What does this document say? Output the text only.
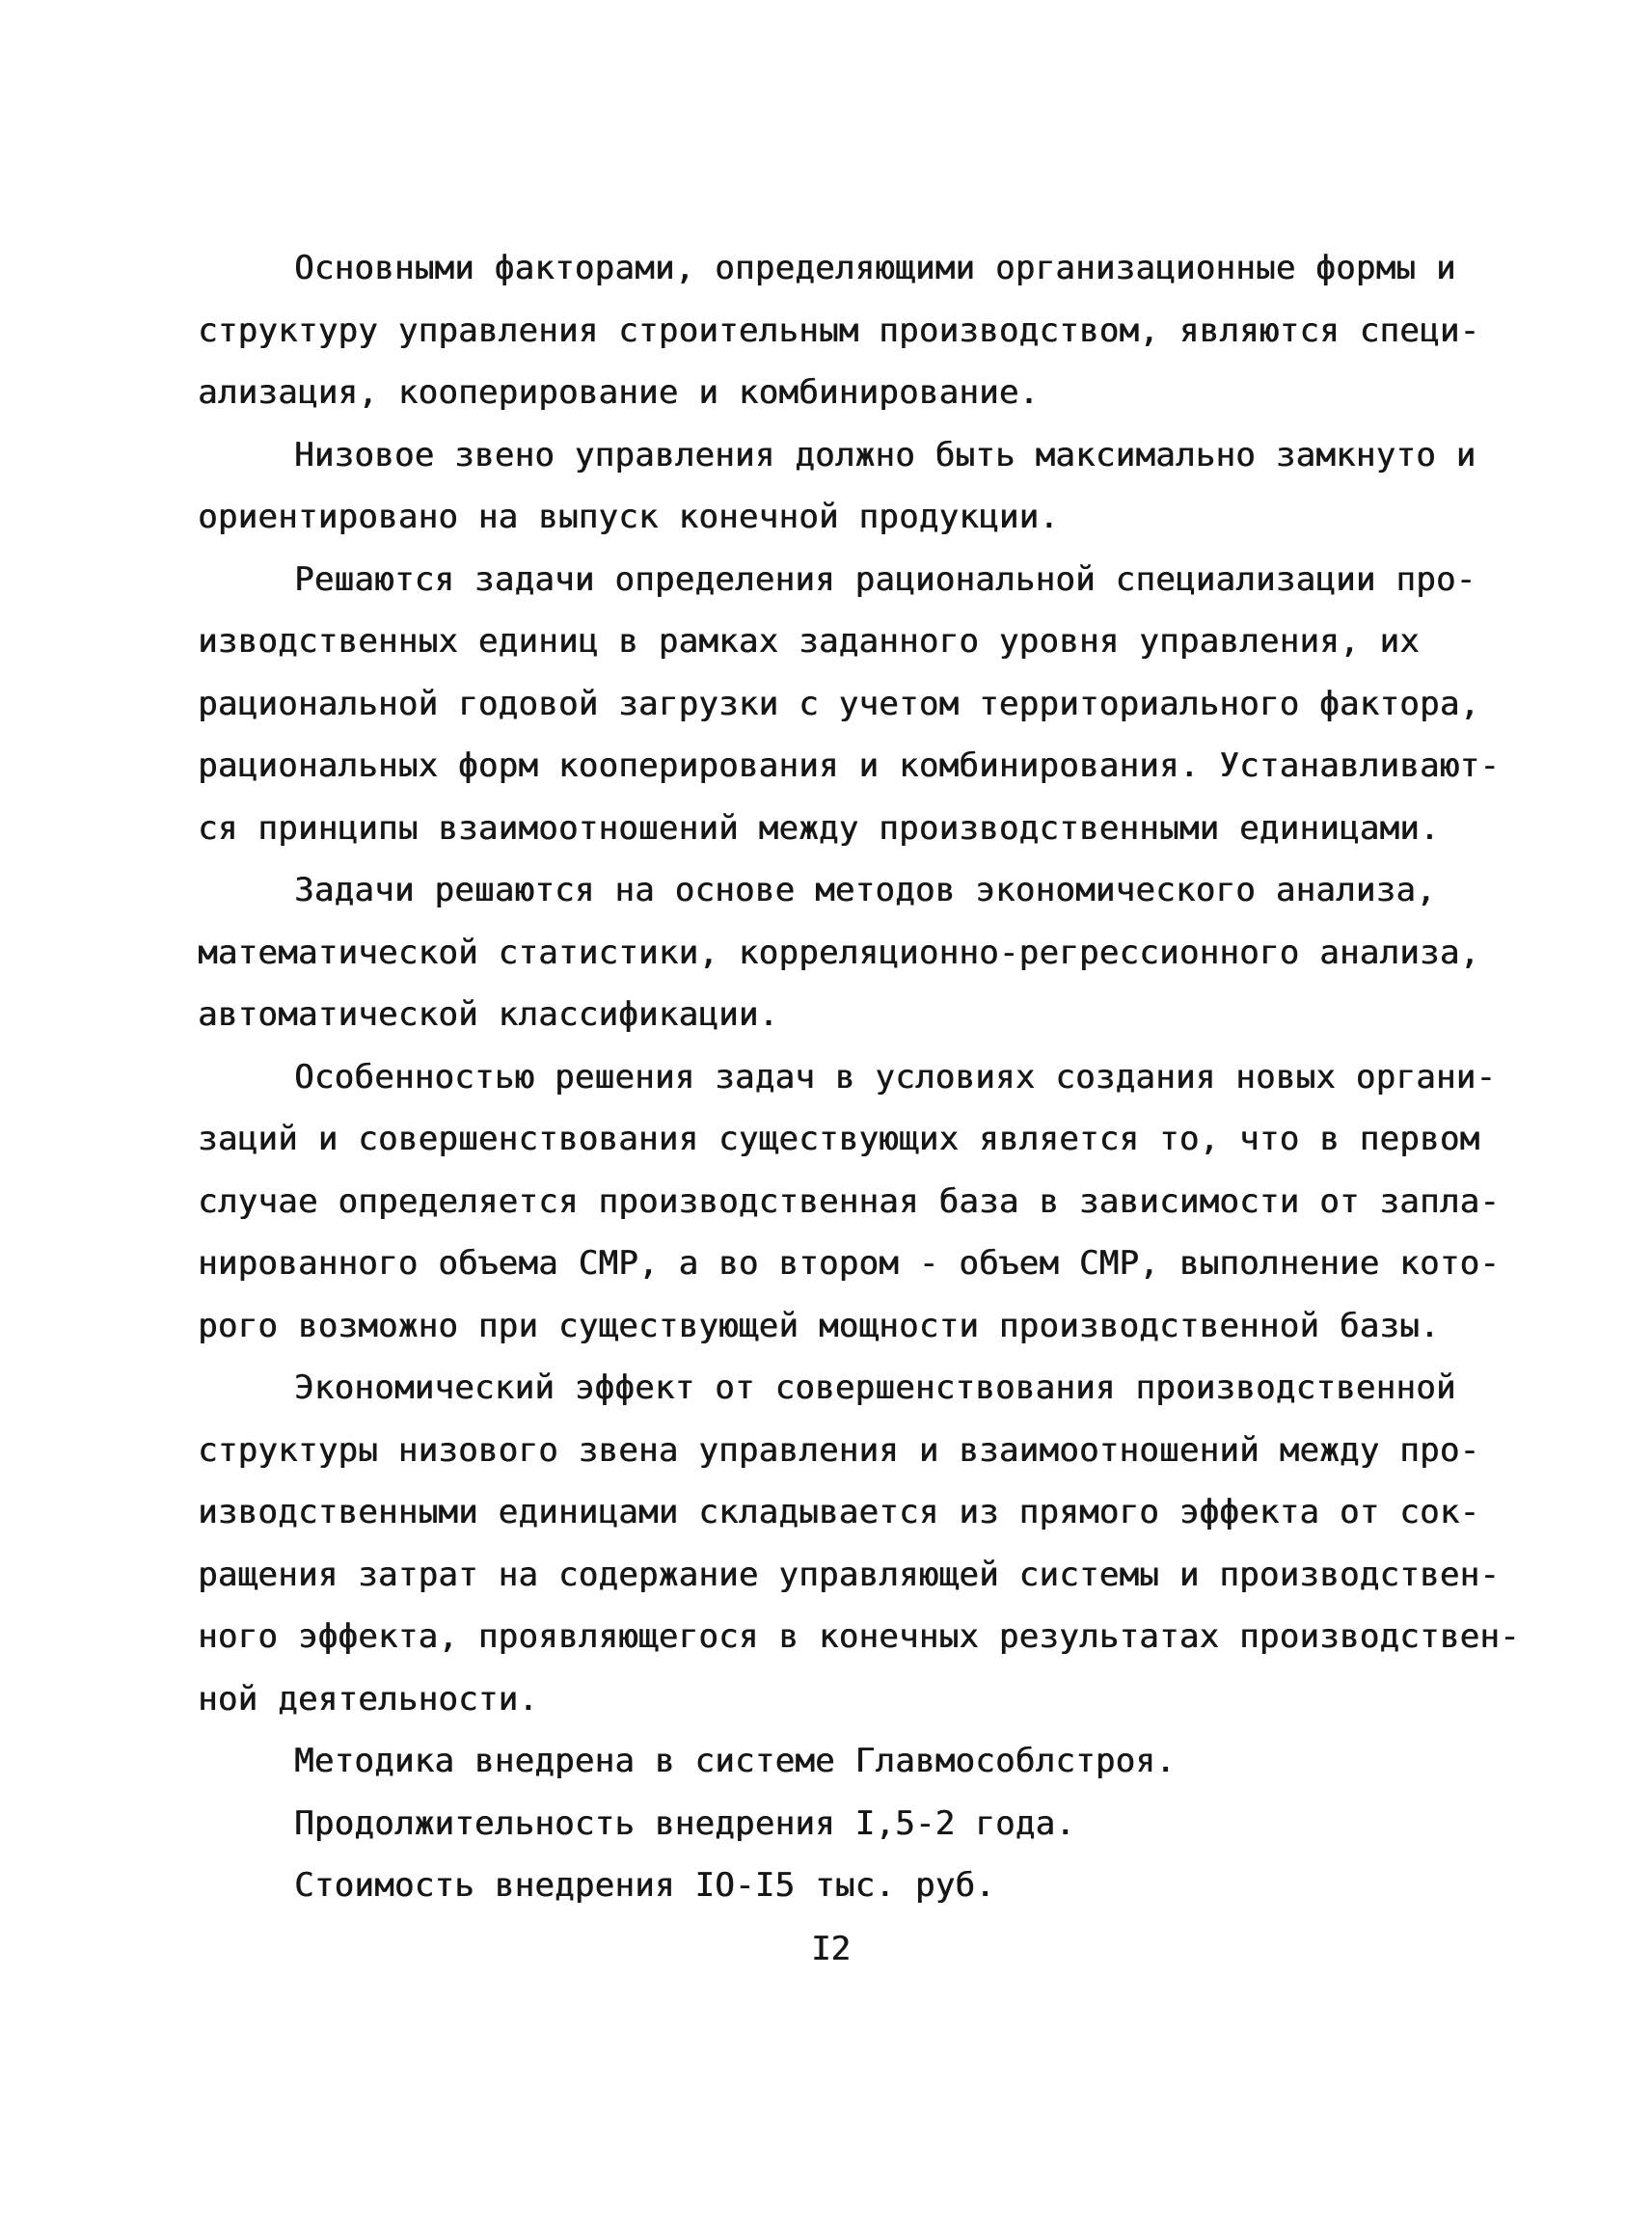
Основными факторами, определяющими организационные формы и
структуру управления строительным производством, являются специ-
ализация, кооперирование и комбинирование.
Низовое звено управления должно быть максимально замкнуто и
ориентировано на выпуск конечной продукции.
Решаются задачи определения рациональной специализации про-
изводственных единиц в рамках заданного уровня управления, их
рациональной годовой загрузки с учетом территориального фактора,
рациональных форм кооперирования и комбинирования. Устанавливают-
ся принципы взаимоотношений между производственными единицами.
Задачи решаются на основе методов экономического анализа,
математической статистики, корреляционно-регрессионного анализа,
автоматической классификации.
Особенностью решения задач в условиях создания новых органи-
заций и совершенствования существующих является то, что в первом
случае определяется производственная база в зависимости от запла-
нированного объема СМР, а во втором - объем СМР, выполнение кото-
рого возможно при существующей мощности производственной базы.
Экономический эффект от совершенствования производственной
структуры низового звена управления и взаимоотношений между про-
изводственными единицами складывается из прямого эффекта от сок-
ращения затрат на содержание управляющей системы и производствен-
ного эффекта, проявляющегося в конечных результатах производствен-
ной деятельности.
Методика внедрена в системе Главмособлстроя.
Продолжительность внедрения I,5-2 года.
Стоимость внедрения IO-I5 тыс. руб.
I2
